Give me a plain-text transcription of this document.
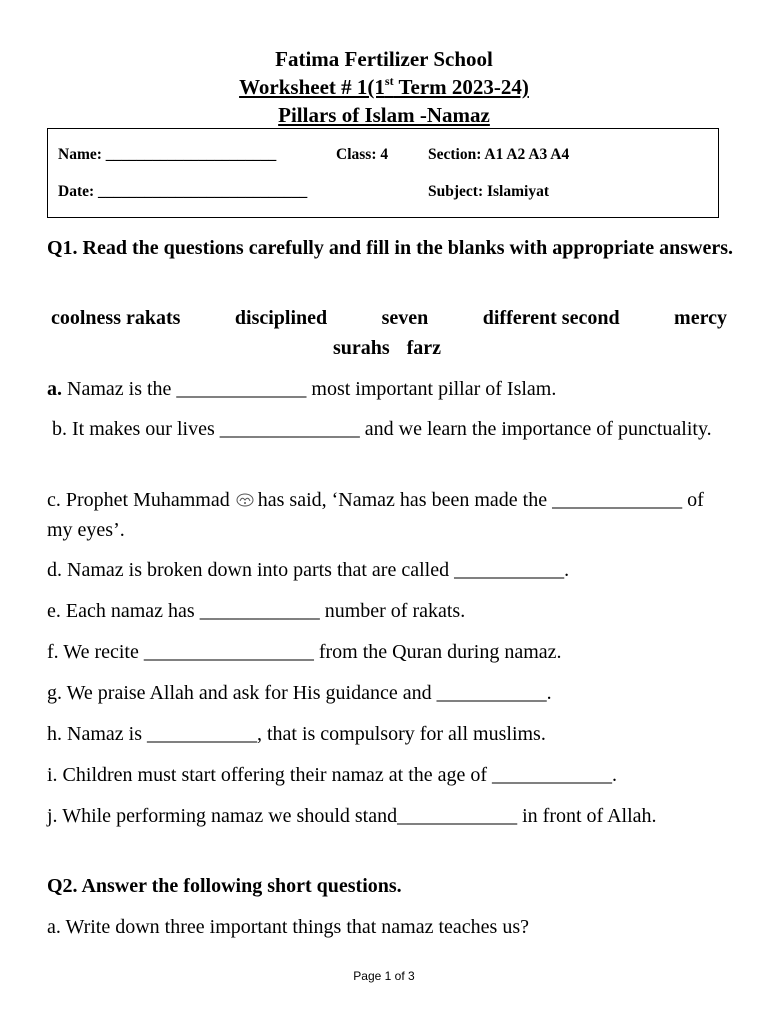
Fatima Fertilizer School
Worksheet # 1(1st Term 2023-24)
Pillars of Islam -Namaz
Name: ______________________	Class: 4	Section: A1 A2 A3 A4
Date: ___________________________	Subject: Islamiyat
Q1. Read the questions carefully and fill in the blanks with appropriate answers.
coolness rakats	disciplined	seven	different second	mercy
surahs farz
a. Namaz is the _____________ most important pillar of Islam.
b. It makes our lives ______________ and we learn the importance of punctuality.
c. Prophet Muhammad has said, ‘Namaz has been made the _____________ of my eyes’.
d. Namaz is broken down into parts that are called ___________.
e. Each namaz has ____________ number of rakats.
f. We recite _________________ from the Quran during namaz.
g. We praise Allah and ask for His guidance and ___________.
h. Namaz is ___________, that is compulsory for all muslims.
i. Children must start offering their namaz at the age of ____________.
j. While performing namaz we should stand____________ in front of Allah.
Q2. Answer the following short questions.
a. Write down three important things that namaz teaches us?
Page 1 of 3
